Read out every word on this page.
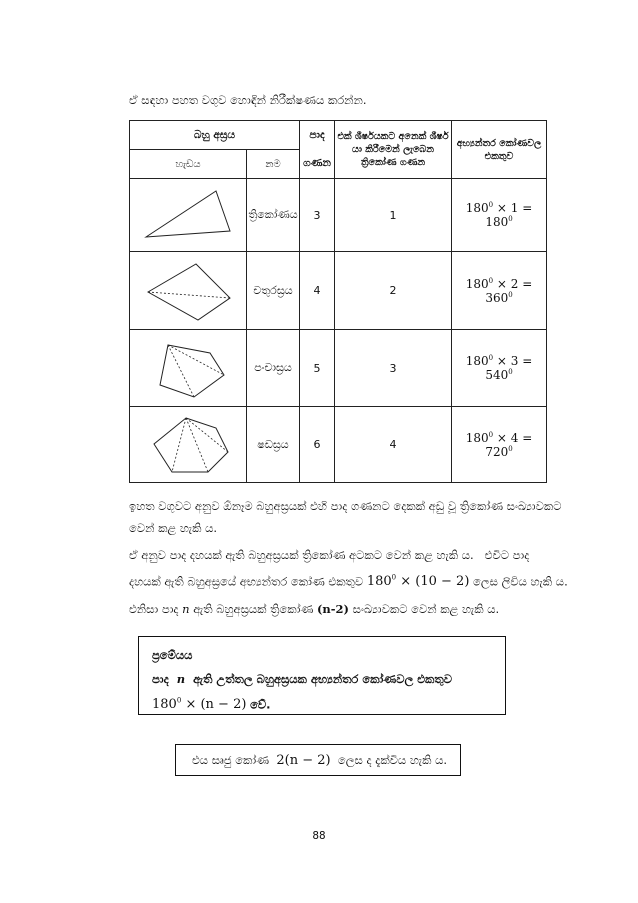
ඒ සඳහා පහත වගුව හොඳින් නිරීක්ෂණය කරන්න.
බහු අස්‍රය		පාද	එක් ශීර්ෂයකට අනෙක් ශීර්ෂ යා කිරීමෙන් ලැබෙන ත්‍රිකෝණ ගණන	අභ්‍යන්තර කෝණවල එකතුව
හැඩය	නම	ගණන		

	ත්‍රිකෝණය	3	1	$180^0 \times 1 = 180^0$

	චතුරස්‍රය	4	2	$180^0 \times 2 = 360^0$

	පංචාස්‍රය	5	3	$180^0 \times 3 = 540^0$

	ෂඩස්‍රය	6	4	$180^0 \times 4 = 720^0$
ඉහත වගුවට අනුව ඕනෑම බහුඅස්‍රයක් එහි පාද ගණනට දෙකක් අඩු වූ ත්‍රිකෝණ සංඛ්‍යාවකට
වෙන් කළ හැකි ය.
ඒ අනුව පාද දහයක් ඇති බහුඅස්‍රයක් ත්‍රිකෝණ අටකට වෙන් කළ හැකි ය. එවිට පාද
දහයක් ඇති බහුඅස්‍රයේ අභ්‍යන්තර කෝණ එකතුව $180^0 \times (10 - 2)$ ලෙස ලිවිය හැකි ය.
එනිසා පාද n ඇති බහුඅස්‍රයක් ත්‍රිකෝණ (n-2) සංඛ්‍යාවකට වෙන් කළ හැකි ය.
ප්‍රමේයය
පාද n ඇති උත්තල බහුඅස්‍රයක අභ්‍යන්තර කෝණවල එකතුව
$180^0 \times (n - 2)$ වේ.
එය සෘජු කෝණ 2(n − 2) ලෙස ද දැක්විය හැකි ය.
88
